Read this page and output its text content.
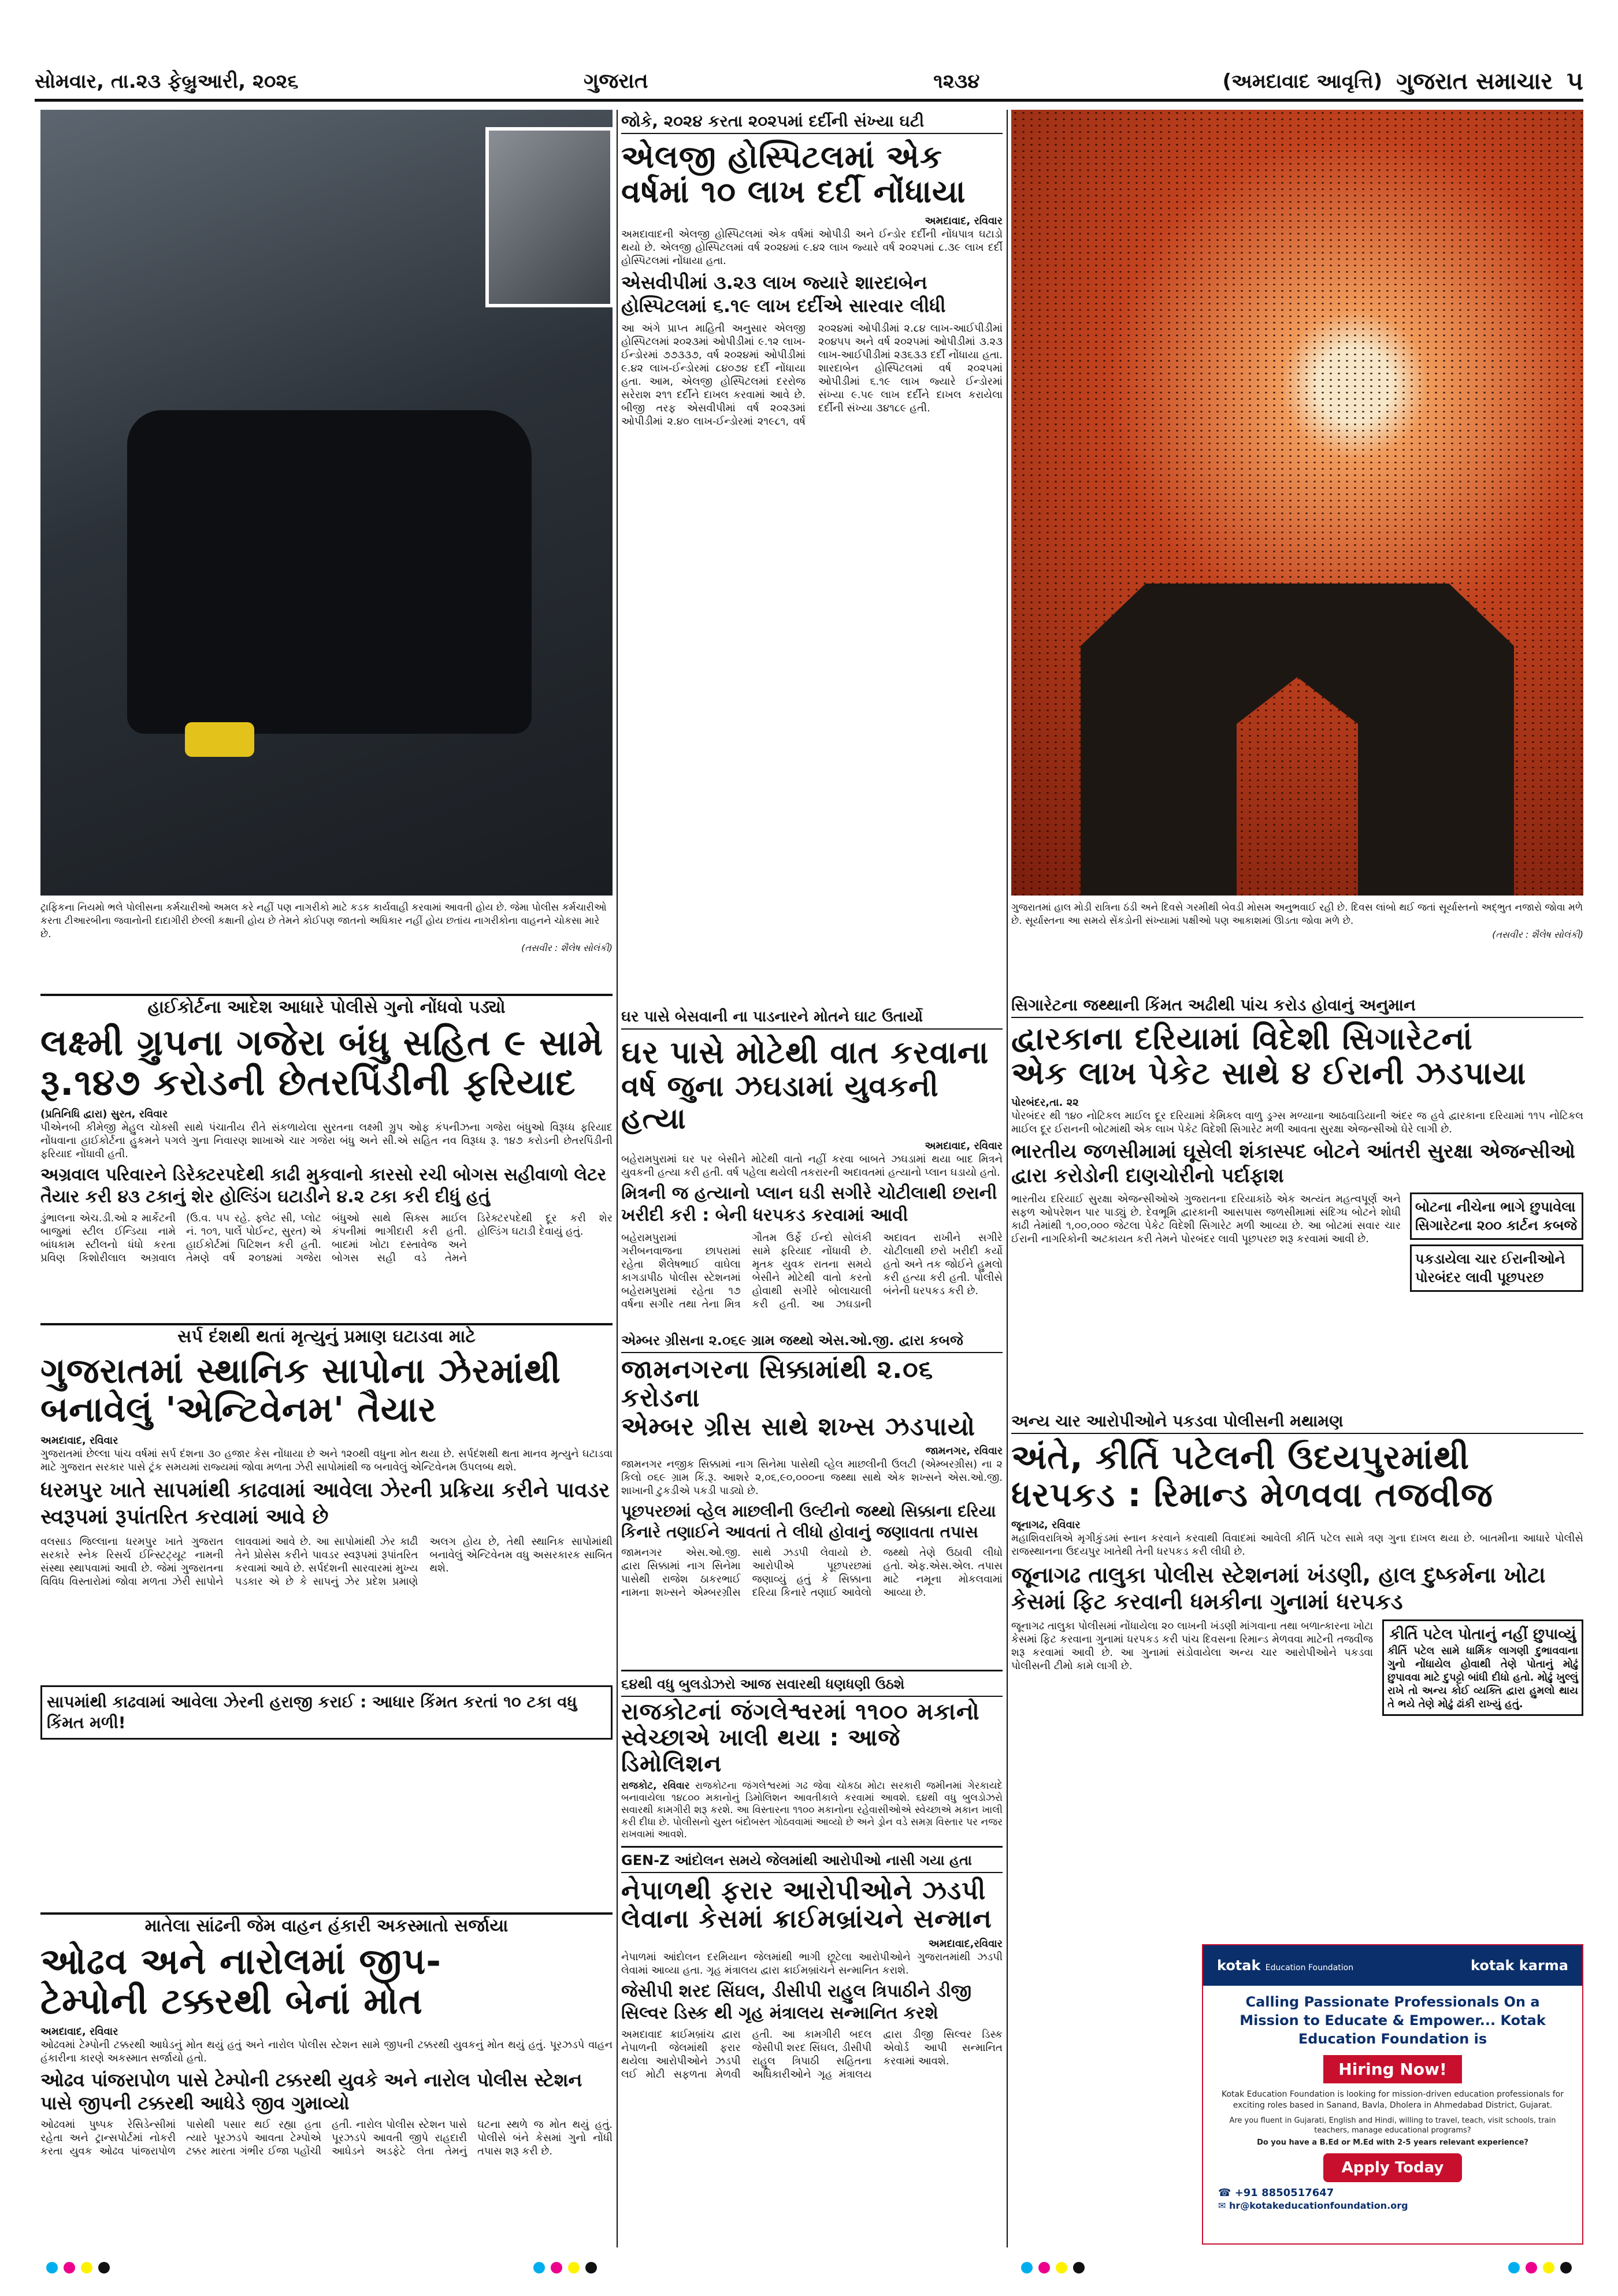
સોમવાર, તા.૨૩ ફેબ્રુઆરી, ૨૦૨૬	ગુજરાત	૧૨૩૪	(અમદાવાદ આવૃત્તિ) ગુજરાત સમાચાર ૫
ટ્રાફિકના નિયમો ભલે પોલીસના કર્મચારીઓ અમલ કરે નહીં પણ નાગરીકો માટે કડક કાર્યવાહી કરવામાં આવતી હોય છે. જેમા પોલીસ કર્મચારીઓ કરતા ટીઆરબીના જવાનોની દાદાગીરી છેલ્લી કક્ષાની હોય છે તેમને કોઈપણ જાતનો અધિકાર નહીં હોય છતાંય નાગરીકોના વાહનને ચોકસા મારે છે.
(તસવીર : શૈલેષ સોલંકી)
જોકે, ૨૦૨૪ કરતા ૨૦૨૫માં દર્દીની સંખ્યા ઘટી
એલજી હોસ્પિટલમાં એક
વર્ષમાં ૧૦ લાખ દર્દી નોંધાયા
અમદાવાદ, રવિવાર

અમદાવાદની એલજી હોસ્પિટલમાં એક વર્ષમાં ઓપીડી અને ઈન્ડોર દર્દીની નોંધપાત્ર ઘટાડો થયો છે. એલજી હોસ્પિટલમાં વર્ષ ૨૦૨૪માં ૯.૪૨ લાખ જ્યારે વર્ષ ૨૦૨૫માં ૮.૩૯ લાખ દર્દી હોસ્પિટલમાં નોંધાયા હતા.

એસવીપીમાં ૩.૨૩ લાખ જ્યારે શારદાબેન હોસ્પિટલમાં ૬.૧૯ લાખ દર્દીએ સારવાર લીધી
આ અંગે પ્રાપ્ત માહિતી અનુસાર એલજી હોસ્પિટલમાં ૨૦૨૩માં ઓપીડીમાં ૯.૧૨ લાખ-ઈન્ડોરમાં ૭૭૩૩૭, વર્ષ ૨૦૨૪માં ઓપીડીમાં ૯.૪૨ લાખ-ઈન્ડોરમાં ૮૪૦૭૪ દર્દી નોંધાયા હતા. આમ, એલજી હોસ્પિટલમાં દરરોજ સરેરાશ ૨૧૧ દર્દીને દાખલ કરવામાં આવે છે. બીજી તરફ એસવીપીમાં વર્ષ ૨૦૨૩માં ઓપીડીમાં ૨.૪૦ લાખ-ઈન્ડોરમાં ૨૧૯૮૧, વર્ષ ૨૦૨૪માં ઓપીડીમાં ૨.૮૪ લાખ-આઈપીડીમાં ૨૦૪૫૫ અને વર્ષ ૨૦૨૫માં ઓપીડીમાં ૩.૨૩ લાખ-આઈપીડીમાં ૨૩૬૩૩ દર્દી નોંધાયા હતા. શારદાબેન હોસ્પિટલમાં વર્ષ ૨૦૨૫માં ઓપીડીમાં ૬.૧૯ લાખ જ્યારે ઈન્ડોરમાં સંખ્યા ૯.૫૯ લાખ દર્દીને દાખલ કરાયેલા દર્દીની સંખ્યા ૩૪૧૮૯ હતી.
ગુજરાતમાં હાલ મોડી રાત્રિના ઠંડી અને દિવસે ગરમીથી બેવડી મોસમ અનુભવાઈ રહી છે. દિવસ લાંબો થઈ જતાં સૂર્યાસ્તનો અદ્ભુત નજારો જોવા મળે છે. સૂર્યાસ્તના આ સમયે સેંકડોની સંખ્યામાં પક્ષીઓ પણ આકાશમાં ઊડતા જોવા મળે છે.
(તસવીર : શૈલેષ સોલંકી)
ઘર પાસે બેસવાની ના પાડનારને મોતને ઘાટ ઉતાર્યો
ઘર પાસે મોટેથી વાત કરવાના
વર્ષ જુના ઝઘડામાં યુવકની હત્યા
અમદાવાદ, રવિવાર

બહેરામપુરામાં ઘર પર બેસીને મોટેથી વાતો નહીં કરવા બાબતે ઝઘડામાં થયા બાદ મિત્રને યુવકની હત્યા કરી હતી. વર્ષ પહેલા થયેલી તકરારની અદાવતમાં હત્યાનો પ્લાન ઘડાયો હતો.

મિત્રની જ હત્યાનો પ્લાન ઘડી સગીરે ચોટીલાથી છરાની ખરીદી કરી : બેની ધરપકડ કરવામાં આવી
બહેરામપુરામાં ગરીબનવાજના છાપરામાં રહેતા શૈલેષભાઈ વાઘેલા કાગડાપીઠ પોલીસ સ્ટેશનમાં બહેરામપુરામાં રહેતા ૧૭ વર્ષના સગીર તથા તેના મિત્ર ગૌતમ ઉર્ફે ઈન્દો સોલંકી સામે ફરિયાદ નોંધાવી છે. મૃતક યુવક રાતના સમયે બેસીને મોટેથી વાતો કરતો હોવાથી સગીરે બોલાચાલી કરી હતી. આ ઝઘડાની અદાવત રાખીને સગીરે ચોટીલાથી છરો ખરીદી કર્યો હતો અને તક જોઈને હુમલો કરી હત્યા કરી હતી. પોલીસે બંનેની ધરપકડ કરી છે.
હાઈકોર્ટના આદેશ આધારે પોલીસે ગુનો નોંધવો પડ્યો
લક્ષ્મી ગ્રુપના ગજેરા બંધુ સહિત ૯ સામે
રૂ.૧૪૭ કરોડની છેતરપિંડીની ફરિયાદ
(પ્રતિનિધિ દ્વારા) સુરત, રવિવાર

પીએનબી કીમેજી મેહુલ ચોક્સી સાથે પંચાતીય રીતે સંકળાયેલા સુરતના લક્ષ્મી ગ્રુપ ઓફ કંપનીઝના ગજેરા બંધુઓ વિરૂધ્ધ ફરિયાદ નોંધવાના હાઈકોર્ટના હુકમને પગલે ગુના નિવારણ શાખાએ ચાર ગજેરા બંધુ અને સી.એ સહિત નવ વિરૂધ્ધ રૂ. ૧૪૭ કરોડની છેતરપિંડીની ફરિયાદ નોંધાવી હતી.

અગ્રવાલ પરિવારને ડિરેક્ટરપદેથી કાઢી મુકવાનો કારસો રચી બોગસ સહીવાળો લેટર તૈયાર કરી ૪૩ ટકાનું શેર હોલ્ડિંગ ઘટાડીને ૪.૨ ટકા કરી દીધું હતું
ડુંભાલના એચ.ડી.ઓ ૨ માર્કેટની બાજુમાં સ્ટીલ ઈન્ડિયા નામે બાંધકામ સ્ટીલનો ધંધો કરતા પ્રવિણ કિશોરીલાલ અગ્રવાલ (ઉ.વ. ૫૫ રહે. ફ્લેટ સી, પ્લોટ નં. ૧૦૧, પાર્લે પોઈન્ટ, સુરત) એ હાઈકોર્ટમાં પિટિશન કરી હતી. તેમણે વર્ષ ૨૦૧૪માં ગજેરા બંધુઓ સાથે સિક્સ માઈલ કંપનીમાં ભાગીદારી કરી હતી. બાદમાં ખોટા દસ્તાવેજ અને બોગસ સહી વડે તેમને ડિરેક્ટરપદેથી દૂર કરી શેર હોલ્ડિંગ ઘટાડી દેવાયું હતું.
સિગારેટના જથ્થાની કિંમત અઢીથી પાંચ કરોડ હોવાનું અનુમાન
દ્વારકાના દરિયામાં વિદેશી સિગારેટનાં
એક લાખ પેકેટ સાથે ૪ ઈરાની ઝડપાયા
પોરબંદર,તા. ૨૨

પોરબંદર થી ૧૪૦ નોટિકલ માઈલ દૂર દરિયામાં કેમિકલ વાળુ ડ્રગ્સ મળ્યાના આઠવાડિયાની અંદર જ હવે દ્વારકાના દરિયામાં ૧૧૫ નોટિકલ માઈલ દૂર ઈરાનની બોટમાંથી એક લાખ પેકેટ વિદેશી સિગારેટ મળી આવતા સુરક્ષા એજન્સીઓ ઘેરે લાગી છે.

ભારતીય જળસીમામાં ઘૂસેલી શંકાસ્પદ બોટને આંતરી સુરક્ષા એજન્સીઓ દ્વારા કરોડોની દાણચોરીનો પર્દાફાશ
ભારતીય દરિયાઈ સુરક્ષા એજન્સીઓએ ગુજરાતના દરિયાકાંઠે એક અત્યંત મહત્વપૂર્ણ અને સફળ ઓપરેશન પાર પાડ્યું છે. દેવભૂમિ દ્વારકાની આસપાસ જળસીમામાં સંદિગ્ધ બોટને શોધી કાઢી તેમાંથી ૧,૦૦,૦૦૦ જેટલા પેકેટ વિદેશી સિગારેટ મળી આવ્યા છે. આ બોટમાં સવાર ચાર ઈરાની નાગરિકોની અટકાયત કરી તેમને પોરબંદર લાવી પૂછપરછ શરૂ કરવામાં આવી છે.
બોટના નીચેના ભાગે છુપાવેલા સિગારેટના ૨૦૦ કાર્ટન કબજે
પકડાયેલા ચાર ઈરાનીઓને પોરબંદર લાવી પૂછપરછ
સર્પ દંશથી થતાં મૃત્યુનું પ્રમાણ ઘટાડવા માટે
ગુજરાતમાં સ્થાનિક સાપોના ઝેરમાંથી
બનાવેલું 'એન્ટિવેનમ' તૈયાર
અમદાવાદ, રવિવાર

ગુજરાતમાં છેલ્લા પાંચ વર્ષમાં સર્પ દંશના ૩૦ હજાર કેસ નોંધાયા છે અને ૧૨૦થી વધુના મોત થયા છે. સર્પદંશથી થતા માનવ મૃત્યુને ઘટાડવા માટે ગુજરાત સરકાર પાસે ટ્રંક સમયમાં રાજ્યમાં જોવા મળતા ઝેરી સાપોમાંથી જ બનાવેલું એન્ટિવેનમ ઉપલબ્ધ થશે.

ધરમપુર ખાતે સાપમાંથી કાઢવામાં આવેલા ઝેરની પ્રક્રિયા કરીને પાવડર સ્વરૂપમાં રૂપાંતરિત કરવામાં આવે છે
વલસાડ જિલ્લાના ધરમપુર ખાતે ગુજરાત સરકારે સ્નેક રિસર્ચ ઈન્સ્ટિટ્યૂટ નામની સંસ્થા સ્થાપવામાં આવી છે. જેમાં ગુજરાતના વિવિધ વિસ્તારોમાં જોવા મળતા ઝેરી સાપોને લાવવામાં આવે છે. આ સાપોમાંથી ઝેર કાઢી તેને પ્રોસેસ કરીને પાવડર સ્વરૂપમાં રૂપાંતરિત કરવામાં આવે છે. સર્પદંશની સારવારમાં મુખ્ય પડકાર એ છે કે સાપનું ઝેર પ્રદેશ પ્રમાણે અલગ હોય છે, તેથી સ્થાનિક સાપોમાંથી બનાવેલું એન્ટિવેનમ વધુ અસરકારક સાબિત થશે.
સાપમાંથી કાઢવામાં આવેલા ઝેરની હરાજી કરાઈ : આધાર કિંમત કરતાં ૧૦ ટકા વધુ કિંમત મળી!
૬૪થી વધુ બુલડોઝરો આજ સવારથી ધણધણી ઉઠશે
રાજકોટનાં જંગલેશ્વરમાં ૧૧૦૦ મકાનો
સ્વેચ્છાએ ખાલી થયા : આજે ડિમોલિશન
રાજકોટ, રવિવાર રાજકોટના જંગલેશ્વરમાં ગઢ જેવા ચોકઠા મોટા સરકારી જમીનમાં ગેરકાયદે બનાવાયેલા ૧૪૮૦૦ મકાનોનું ડિમોલિશન આવતીકાલે કરવામાં આવશે. ૬૪થી વધુ બુલડોઝરો સવારથી કામગીરી શરૂ કરશે. આ વિસ્તારના ૧૧૦૦ મકાનોના રહેવાસીઓએ સ્વેચ્છાએ મકાન ખાલી કરી દીધા છે. પોલીસનો ચુસ્ત બંદોબસ્ત ગોઠવવામાં આવ્યો છે અને ડ્રોન વડે સમગ્ર વિસ્તાર પર નજર રાખવામાં આવશે.
અન્ય ચાર આરોપીઓને પકડવા પોલીસની મથામણ
અંતે, કીર્તિ પટેલની ઉદયપુરમાંથી
ધરપકડ : રિમાન્ડ મેળવવા તજવીજ
જૂનાગઢ, રવિવાર

મહાશિવરાત્રિએ મૃગીકુંડમાં સ્નાન કરવાને કરવાથી વિવાદમાં આવેલી કીર્તિ પટેલ સામે ત્રણ ગુના દાખલ થયા છે. બાતમીના આધારે પોલીસે રાજસ્થાનના ઉદયપુર ખાતેથી તેની ધરપકડ કરી લીધી છે.

જૂનાગઢ તાલુકા પોલીસ સ્ટેશનમાં ખંડણી, હાલ દુષ્કર્મના ખોટા કેસમાં ફિટ કરવાની ધમકીના ગુનામાં ધરપકડ
જૂનાગઢ તાલુકા પોલીસમાં નોંધાયેલા ૨૦ લાખની ખંડણી માંગવાના તથા બળાત્કારના ખોટા કેસમાં ફિટ કરવાના ગુનામાં ધરપકડ કરી પાંચ દિવસના રિમાન્ડ મેળવવા માટેની તજવીજ શરૂ કરવામાં આવી છે. આ ગુનામાં સંડોવાયેલા અન્ય ચાર આરોપીઓને પકડવા પોલીસની ટીમો કામે લાગી છે.
કીર્તિ પટેલ પોતાનું નહીં છુપાવ્યું
કીર્તિ પટેલ સામે ધાર્મિક લાગણી દુભાવવાના ગુનો નોંધાયેલ હોવાથી તેણે પોતાનું મોઢું છુપાવવા માટે દુપટ્ટો બાંધી દીધો હતો. મોઢું ખુલ્લું રાખે તો અન્ય કોઈ વ્યક્તિ દ્વારા હુમલો થાય તે ભયે તેણે મોઢું ઢાંકી રાખ્યું હતું.
માતેલા સાંઢની જેમ વાહન હંકારી અકસ્માતો સર્જાયા
ઓઢવ અને નારોલમાં જીપ-
ટેમ્પોની ટક્કરથી બેનાં મોત
અમદાવાદ, રવિવાર

ઓઢવમાં ટેમ્પોની ટક્કરથી આધેડનું મોત થયું હતું અને નારોલ પોલીસ સ્ટેશન સામે જીપની ટક્કરથી યુવકનું મોત થયું હતું. પૂરઝડપે વાહન હંકારીના કારણે અકસ્માત સર્જાયો હતો.

ઓઢવ પાંજરાપોળ પાસે ટેમ્પોની ટક્કરથી યુવકે અને નારોલ પોલીસ સ્ટેશન પાસે જીપની ટક્કરથી આધેડે જીવ ગુમાવ્યો
ઓઢવમાં પુષ્પક રેસિડેન્સીમાં રહેતા અને ટ્રાન્સપોર્ટમાં નોકરી કરતા યુવક ઓઢવ પાંજરાપોળ પાસેથી પસાર થઈ રહ્યા હતા ત્યારે પૂરઝડપે આવતા ટેમ્પોએ ટક્કર મારતા ગંભીર ઈજા પહોંચી હતી. નારોલ પોલીસ સ્ટેશન પાસે પૂરઝડપે આવતી જીપે રાહદારી આધેડને અડફેટે લેતા તેમનું ઘટના સ્થળે જ મોત થયું હતું. પોલીસે બંને કેસમાં ગુનો નોંધી તપાસ શરૂ કરી છે.
GEN-Z આંદોલન સમયે જેલમાંથી આરોપીઓ નાસી ગયા હતા
નેપાળથી ફરાર આરોપીઓને ઝડપી
લેવાના કેસમાં ક્રાઈમબ્રાંચને સન્માન
અમદાવાદ,રવિવાર

નેપાળમાં આંદોલન દરમિયાન જેલમાંથી ભાગી છૂટેલા આરોપીઓને ગુજરાતમાંથી ઝડપી લેવામાં આવ્યા હતા. ગૃહ મંત્રાલય દ્વારા ક્રાઈમબ્રાંચને સન્માનિત કરાશે.

જેસીપી શરદ સિંઘલ, ડીસીપી રાહુલ ત્રિપાઠીને ડીજી સિલ્વર ડિસ્ક થી ગૃહ મંત્રાલય સન્માનિત કરશે
અમદાવાદ ક્રાઈમબ્રાંચ દ્વારા નેપાળની જેલમાંથી ફરાર થયેલા આરોપીઓને ઝડપી લઈ મોટી સફળતા મેળવી હતી. આ કામગીરી બદલ જેસીપી શરદ સિંઘલ, ડીસીપી રાહુલ ત્રિપાઠી સહિતના અધિકારીઓને ગૃહ મંત્રાલય દ્વારા ડીજી સિલ્વર ડિસ્ક એવોર્ડ આપી સન્માનિત કરવામાં આવશે.
એમ્બર ગ્રીસના ૨.૦૬૯ ગ્રામ જથ્થો એસ.ઓ.જી. દ્વારા કબજે
જામનગરના સિક્કામાંથી ૨.૦૬ કરોડના
એમ્બર ગ્રીસ સાથે શખ્સ ઝડપાયો
જામનગર, રવિવાર

જામનગર નજીક સિક્કામાં નાગ સિનેમા પાસેથી વ્હેલ માછલીની ઉલટી (એમ્બરગ્રીસ) ના ૨ કિલો ૦૬૯ ગ્રામ કિં.રૂ. આશરે ૨,૦૬,૯૦,૦૦૦ના જથ્થા સાથે એક શખ્સને એસ.ઓ.જી. શાખાની ટુકડીએ પકડી પાડ્યો છે.

પૂછપરછમાં વ્હેલ માછલીની ઉલ્ટીનો જથ્થો સિક્કાના દરિયા કિનારે તણાઈને આવતાં તે લીધો હોવાનું જણાવતા તપાસ
જામનગર એસ.ઓ.જી. દ્વારા સિક્કામાં નાગ સિનેમા પાસેથી રાજેશ ઠાકરભાઈ નામના શખ્સને એમ્બરગ્રીસ સાથે ઝડપી લેવાયો છે. આરોપીએ પૂછપરછમાં જણાવ્યું હતું કે સિક્કાના દરિયા કિનારે તણાઈ આવેલો જથ્થો તેણે ઉઠાવી લીધો હતો. એફ.એસ.એલ. તપાસ માટે નમૂના મોકલવામાં આવ્યા છે.
kotak Education Foundation	kotak karma
Calling Passionate Professionals On a Mission to Educate & Empower... Kotak Education Foundation is
Hiring Now!
Kotak Education Foundation is looking for mission-driven education professionals for exciting roles based in Sanand, Bavla, Dholera in Ahmedabad District, Gujarat.
Are you fluent in Gujarati, English and Hindi, willing to travel, teach, visit schools, train teachers, manage educational programs?
Do you have a B.Ed or M.Ed with 2-5 years relevant experience?
Apply Today
☎ +91 8850517647
✉ hr@kotakeducationfoundation.org
